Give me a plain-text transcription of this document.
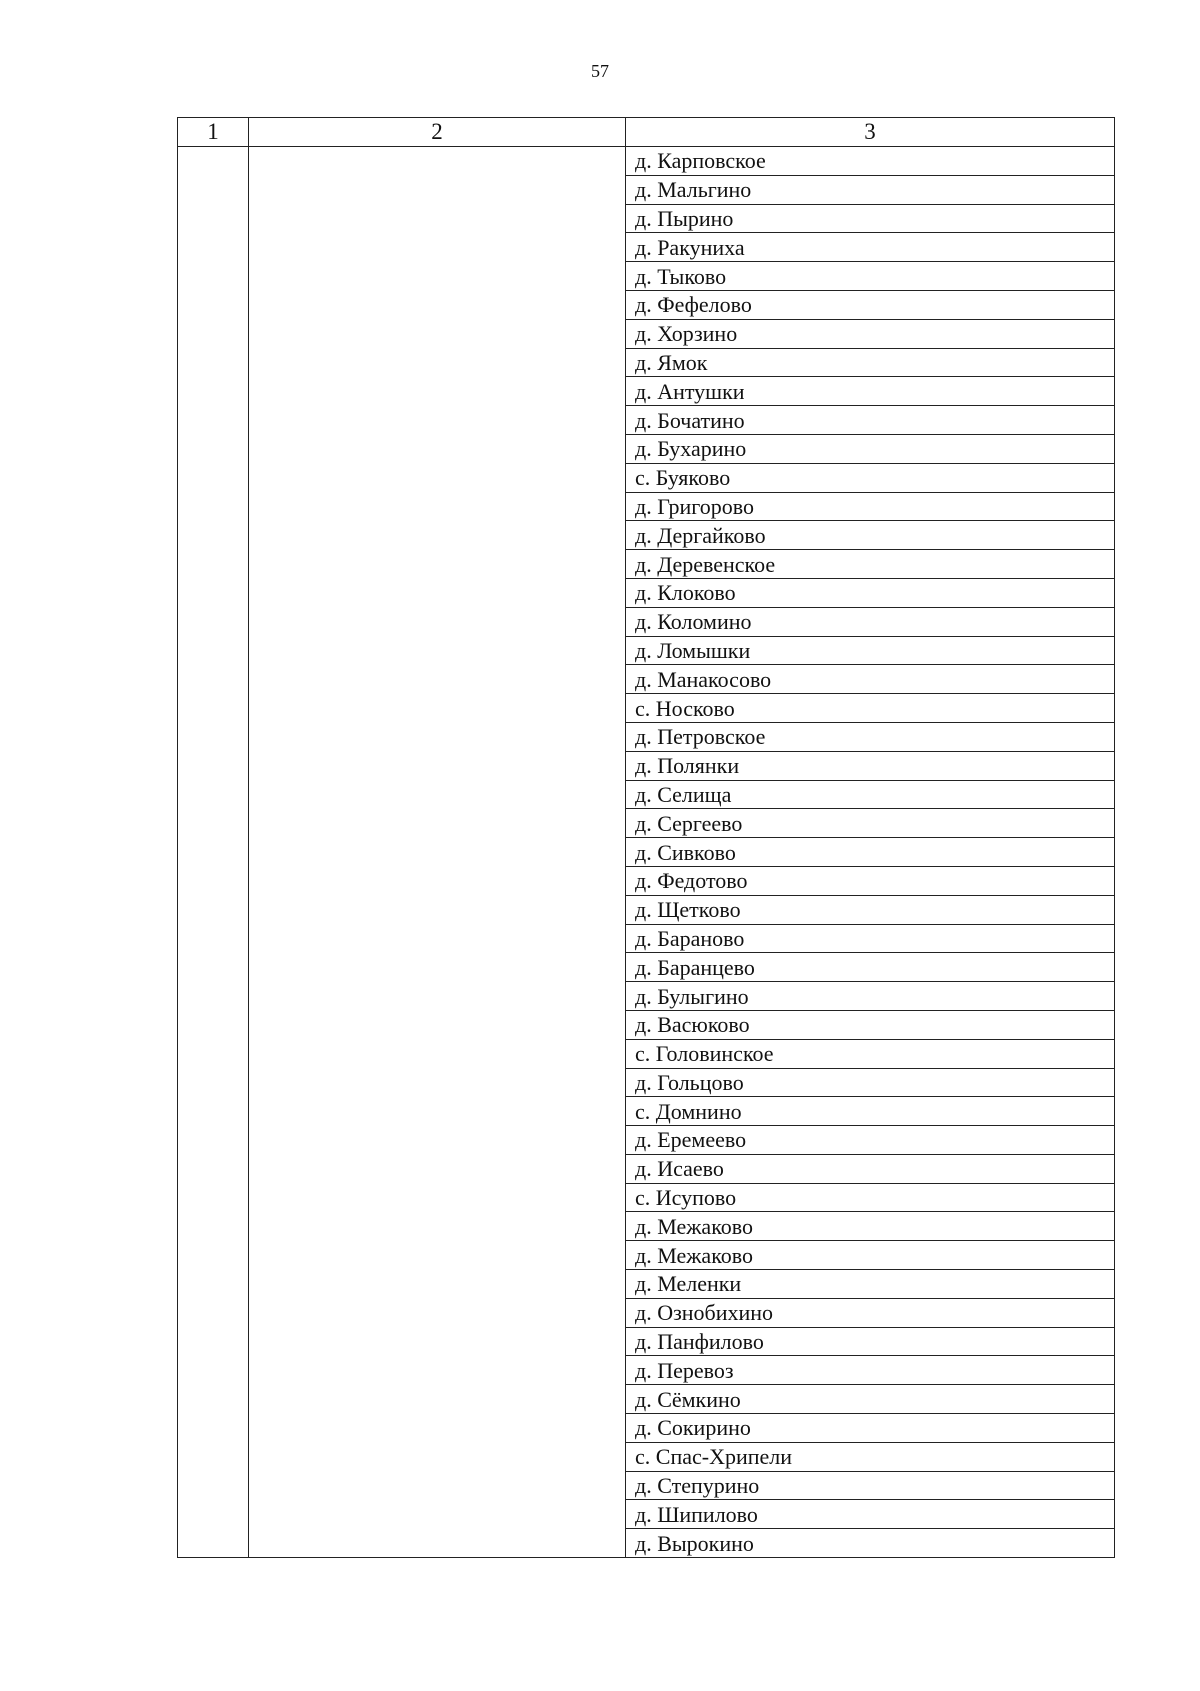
57
1	2	3
		д. Карповское
		д. Мальгино
		д. Пырино
		д. Ракуниха
		д. Тыково
		д. Фефелово
		д. Хорзино
		д. Ямок
		д. Антушки
		д. Бочатино
		д. Бухарино
		с. Буяково
		д. Григорово
		д. Дергайково
		д. Деревенское
		д. Клоково
		д. Коломино
		д. Ломышки
		д. Манакосово
		с. Носково
		д. Петровское
		д. Полянки
		д. Селища
		д. Сергеево
		д. Сивково
		д. Федотово
		д. Щетково
		д. Бараново
		д. Баранцево
		д. Булыгино
		д. Васюково
		с. Головинское
		д. Гольцово
		с. Домнино
		д. Еремеево
		д. Исаево
		с. Исупово
		д. Межаково
		д. Межаково
		д. Меленки
		д. Ознобихино
		д. Панфилово
		д. Перевоз
		д. Сёмкино
		д. Сокирино
		с. Спас-Хрипели
		д. Степурино
		д. Шипилово
		д. Вырокино
